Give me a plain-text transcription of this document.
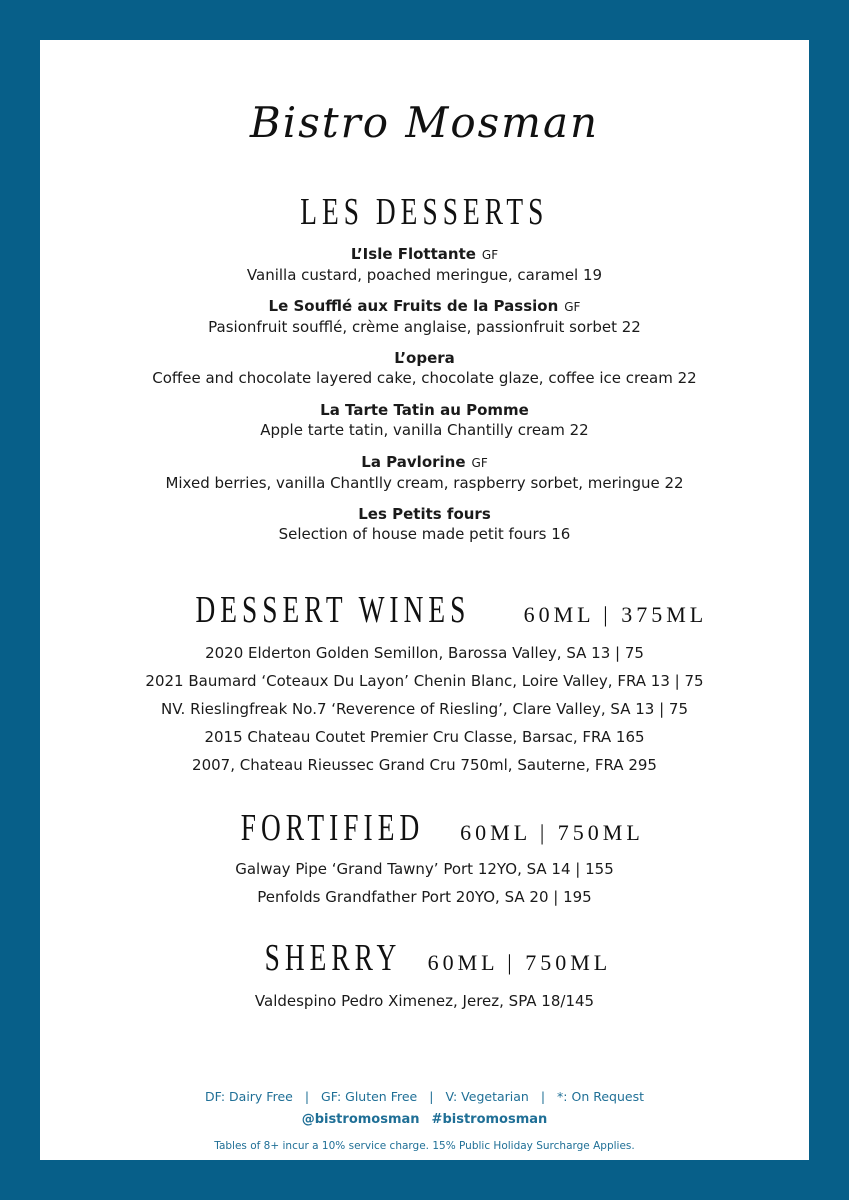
Bistro Mosman
LES DESSERTS
L’Isle Flottante GF
Vanilla custard, poached meringue, caramel 19
Le Soufflé aux Fruits de la Passion GF
Pasionfruit soufflé, crème anglaise, passionfruit sorbet 22
L’opera
Coffee and chocolate layered cake, chocolate glaze, coffee ice cream 22
La Tarte Tatin au Pomme
Apple tarte tatin, vanilla Chantilly cream 22
La Pavlorine GF
Mixed berries, vanilla Chantlly cream, raspberry sorbet, meringue 22
Les Petits fours
Selection of house made petit fours 16
DESSERT WINES 60ML | 375ML
2020 Elderton Golden Semillon, Barossa Valley, SA 13 | 75
2021 Baumard ‘Coteaux Du Layon’ Chenin Blanc, Loire Valley, FRA 13 | 75
NV. Rieslingfreak No.7 ‘Reverence of Riesling’, Clare Valley, SA 13 | 75
2015 Chateau Coutet Premier Cru Classe, Barsac, FRA 165
2007, Chateau Rieussec Grand Cru 750ml, Sauterne, FRA 295
FORTIFIED 60ML | 750ML
Galway Pipe ‘Grand Tawny’ Port 12YO, SA 14 | 155
Penfolds Grandfather Port 20YO, SA 20 | 195
SHERRY 60ML | 750ML
Valdespino Pedro Ximenez, Jerez, SPA 18/145
DF: Dairy Free | GF: Gluten Free | V: Vegetarian | *: On Request
@bistromosman #bistromosman
Tables of 8+ incur a 10% service charge. 15% Public Holiday Surcharge Applies.
